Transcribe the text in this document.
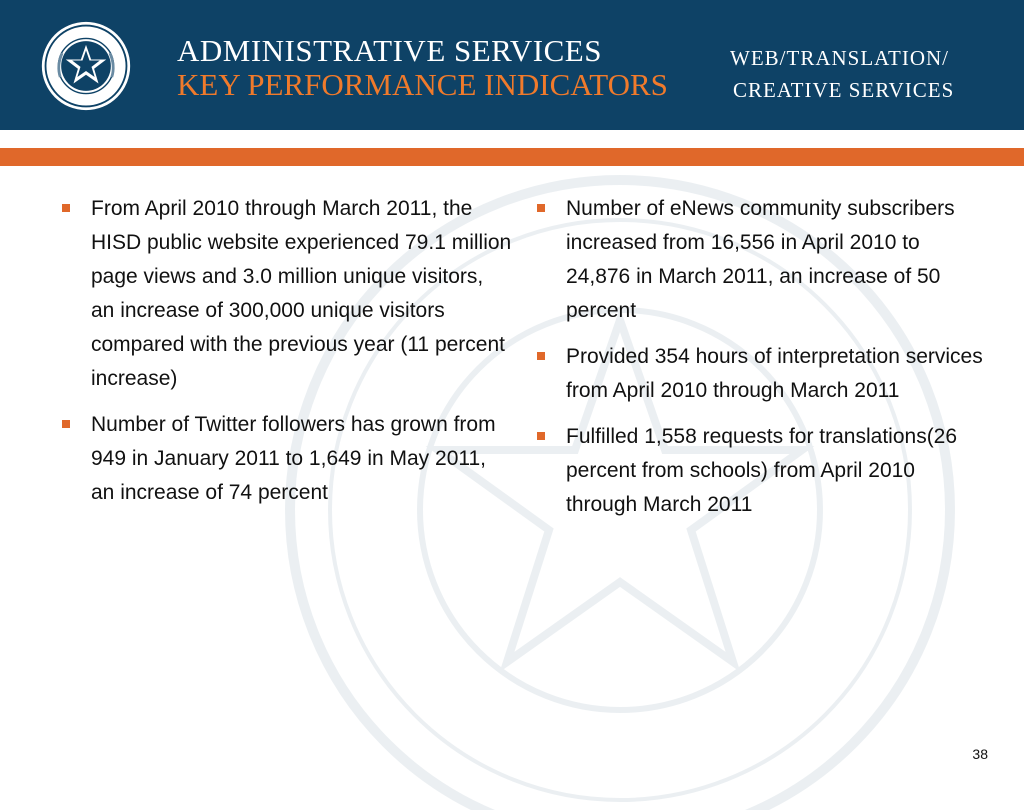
ADMINISTRATIVE SERVICES
KEY PERFORMANCE INDICATORS
WEB/TRANSLATION/
CREATIVE SERVICES
From April 2010 through March 2011, the HISD public website experienced 79.1 million page views and 3.0 million unique visitors, an increase of 300,000 unique visitors compared with the previous year (11 percent increase)
Number of Twitter followers has grown from 949 in January 2011 to 1,649 in May 2011, an increase of 74 percent
Number of eNews community subscribers increased from 16,556 in April 2010 to 24,876 in March 2011, an increase of 50 percent
Provided 354 hours of interpretation services from April 2010 through March 2011
Fulfilled 1,558 requests for translations(26 percent from schools) from April 2010 through March 2011
38
